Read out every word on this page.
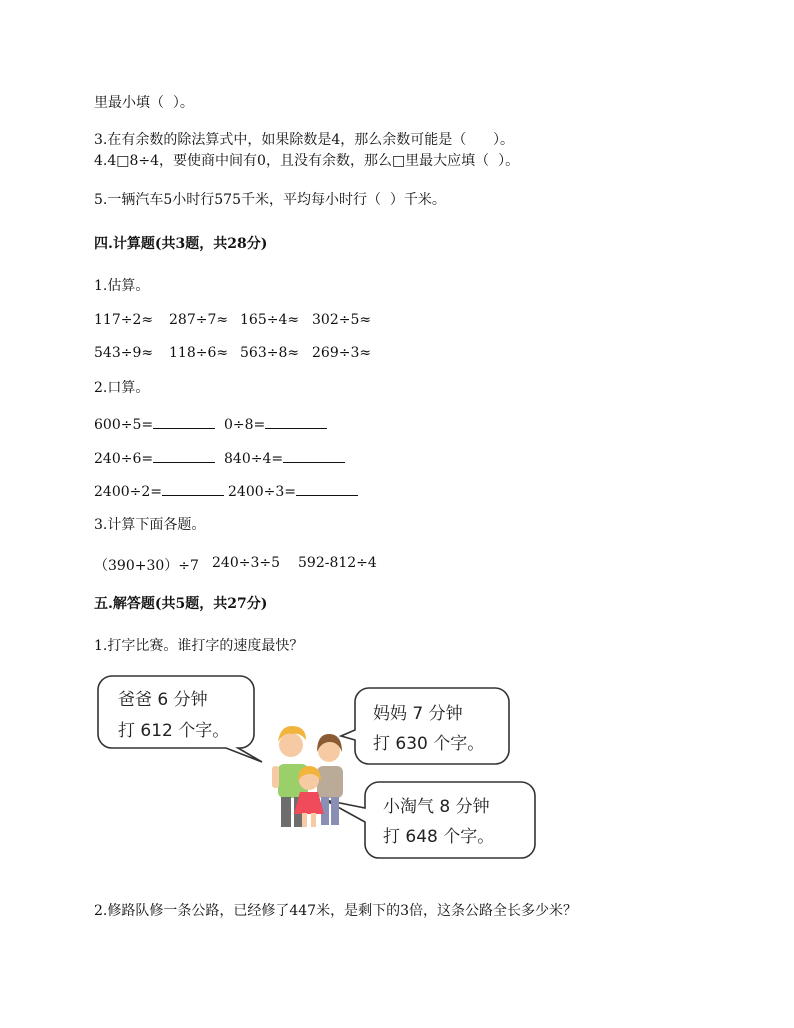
里最小填（  ）。
3.在有余数的除法算式中，如果除数是4，那么余数可能是（      ）。
4.4□8÷4，要使商中间有0，且没有余数，那么□里最大应填（  ）。
5.一辆汽车5小时行575千米，平均每小时行（  ）千米。
四.计算题(共3题，共28分)
1.估算。

117÷2≈

287÷7≈

165÷4≈

302÷5≈

543÷9≈

118÷6≈

563÷8≈

269÷3≈

2.口算。

600÷5=

	0÷8=

240÷6=

	840÷4=

2400÷2=

	2400÷3=

3.计算下面各题。

（390+30）÷7

240÷3÷5

592-812÷4

五.解答题(共5题，共27分)
1.打字比赛。谁打字的速度最快？
爸爸 6 分钟
打 612 个字。
妈妈 7 分钟
打 630 个字。
小淘气 8 分钟
打 648 个字。
2.修路队修一条公路，已经修了447米，是剩下的3倍，这条公路全长多少米？
